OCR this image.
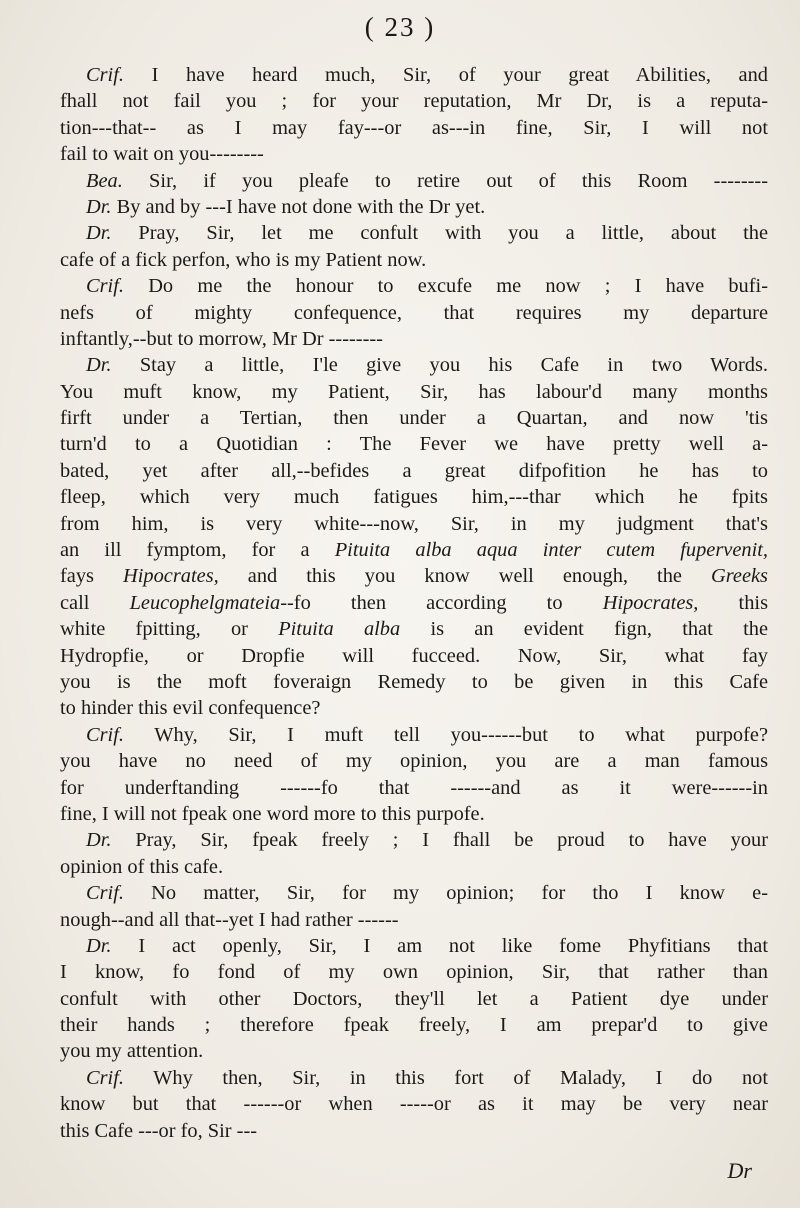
( 23 )
Crif. I have heard much, Sir, of your great Abilities, and
fhall not fail you ; for your reputation, Mr Dr, is a reputa-
tion---that-- as I may fay---or as---in fine, Sir, I will not
fail to wait on you--------
Bea. Sir, if you pleafe to retire out of this Room --------
Dr. By and by ---I have not done with the Dr yet.
Dr. Pray, Sir, let me confult with you a little, about the
cafe of a fick perfon, who is my Patient now.
Crif. Do me the honour to excufe me now ; I have bufi-
nefs of mighty confequence, that requires my departure
inftantly,--but to morrow, Mr Dr --------
Dr. Stay a little, I'le give you his Cafe in two Words.
You muft know, my Patient, Sir, has labour'd many months
firft under a Tertian, then under a Quartan, and now 'tis
turn'd to a Quotidian : The Fever we have pretty well a-
bated, yet after all,--befides a great difpofition he has to
fleep, which very much fatigues him,---thar which he fpits
from him, is very white---now, Sir, in my judgment that's
an ill fymptom, for a Pituita alba aqua inter cutem fupervenit,
fays Hipocrates, and this you know well enough, the Greeks
call Leucophelgmateia--fo then according to Hipocrates, this
white fpitting, or Pituita alba is an evident fign, that the
Hydropfie, or Dropfie will fucceed. Now, Sir, what fay
you is the moft foveraign Remedy to be given in this Cafe
to hinder this evil confequence?
Crif. Why, Sir, I muft tell you------but to what purpofe?
you have no need of my opinion, you are a man famous
for underftanding ------fo that ------and as it were------in
fine, I will not fpeak one word more to this purpofe.
Dr. Pray, Sir, fpeak freely ; I fhall be proud to have your
opinion of this cafe.
Crif. No matter, Sir, for my opinion; for tho I know e-
nough--and all that--yet I had rather ------
Dr. I act openly, Sir, I am not like fome Phyfitians that
I know, fo fond of my own opinion, Sir, that rather than
confult with other Doctors, they'll let a Patient dye under
their hands ; therefore fpeak freely, I am prepar'd to give
you my attention.
Crif. Why then, Sir, in this fort of Malady, I do not
know but that ------or when -----or as it may be very near
this Cafe ---or fo, Sir ---
Dr
